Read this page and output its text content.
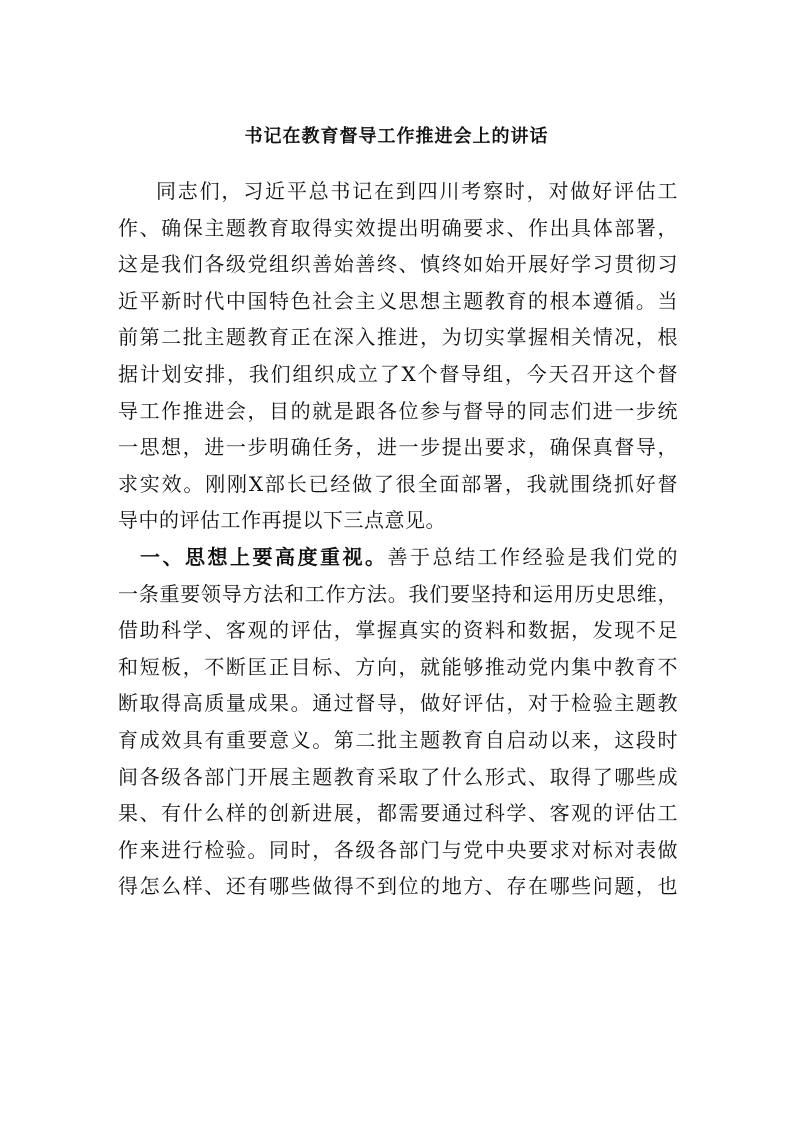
书记在教育督导工作推进会上的讲话
同志们，习近平总书记在到四川考察时，对做好评估工
作、确保主题教育取得实效提出明确要求、作出具体部署，
这是我们各级党组织善始善终、慎终如始开展好学习贯彻习
近平新时代中国特色社会主义思想主题教育的根本遵循。当
前第二批主题教育正在深入推进，为切实掌握相关情况，根
据计划安排，我们组织成立了X个督导组，今天召开这个督
导工作推进会，目的就是跟各位参与督导的同志们进一步统
一思想，进一步明确任务，进一步提出要求，确保真督导，
求实效。刚刚X部长已经做了很全面部署，我就围绕抓好督
导中的评估工作再提以下三点意见。
一、思想上要高度重视。善于总结工作经验是我们党的
一条重要领导方法和工作方法。我们要坚持和运用历史思维，
借助科学、客观的评估，掌握真实的资料和数据，发现不足
和短板，不断匡正目标、方向，就能够推动党内集中教育不
断取得高质量成果。通过督导，做好评估，对于检验主题教
育成效具有重要意义。第二批主题教育自启动以来，这段时
间各级各部门开展主题教育采取了什么形式、取得了哪些成
果、有什么样的创新进展，都需要通过科学、客观的评估工
作来进行检验。同时，各级各部门与党中央要求对标对表做
得怎么样、还有哪些做得不到位的地方、存在哪些问题，也
